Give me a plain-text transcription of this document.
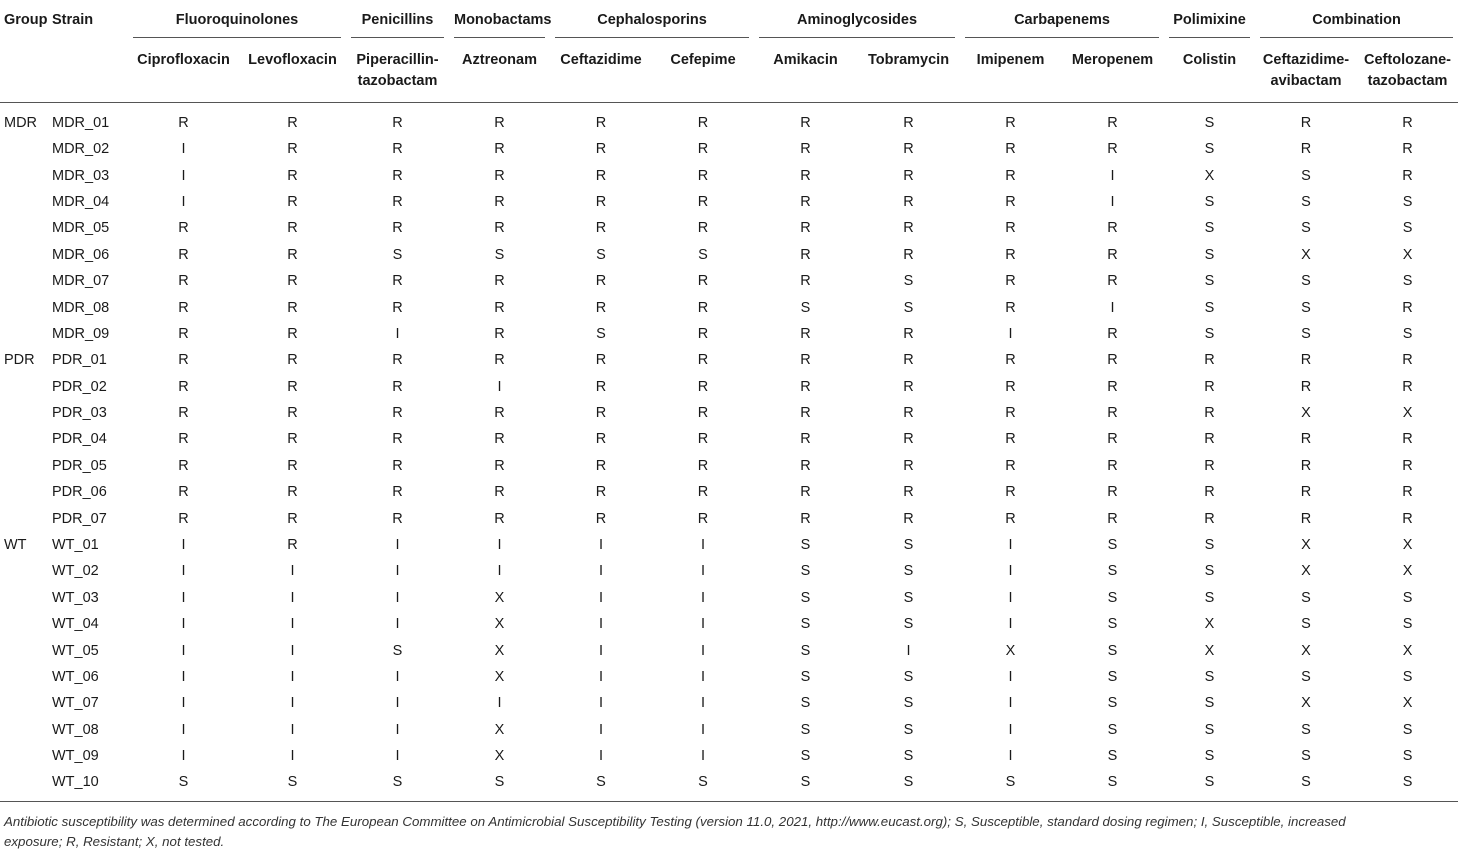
Group	Strain	Fluoroquinolones		Penicillins	Monobactams	Cephalosporins		Aminoglycosides		Carbapenems		Polimixine	Combination	

		Ciprofloxacin	Levofloxacin	Piperacillin-
tazobactam	Aztreonam	Ceftazidime	Cefepime	Amikacin	Tobramycin	Imipenem	Meropenem	Colistin	Ceftazidime-
avibactam	Ceftolozane-
tazobactam
MDR	MDR_01	R	R	R	R	R	R	R	R	R	R	S	R	R
	MDR_02	I	R	R	R	R	R	R	R	R	R	S	R	R
	MDR_03	I	R	R	R	R	R	R	R	R	I	X	S	R
	MDR_04	I	R	R	R	R	R	R	R	R	I	S	S	S
	MDR_05	R	R	R	R	R	R	R	R	R	R	S	S	S
	MDR_06	R	R	S	S	S	S	R	R	R	R	S	X	X
	MDR_07	R	R	R	R	R	R	R	S	R	R	S	S	S
	MDR_08	R	R	R	R	R	R	S	S	R	I	S	S	R
	MDR_09	R	R	I	R	S	R	R	R	I	R	S	S	S
PDR	PDR_01	R	R	R	R	R	R	R	R	R	R	R	R	R
	PDR_02	R	R	R	I	R	R	R	R	R	R	R	R	R
	PDR_03	R	R	R	R	R	R	R	R	R	R	R	X	X
	PDR_04	R	R	R	R	R	R	R	R	R	R	R	R	R
	PDR_05	R	R	R	R	R	R	R	R	R	R	R	R	R
	PDR_06	R	R	R	R	R	R	R	R	R	R	R	R	R
	PDR_07	R	R	R	R	R	R	R	R	R	R	R	R	R
WT	WT_01	I	R	I	I	I	I	S	S	I	S	S	X	X
	WT_02	I	I	I	I	I	I	S	S	I	S	S	X	X
	WT_03	I	I	I	X	I	I	S	S	I	S	S	S	S
	WT_04	I	I	I	X	I	I	S	S	I	S	X	S	S
	WT_05	I	I	S	X	I	I	S	I	X	S	X	X	X
	WT_06	I	I	I	X	I	I	S	S	I	S	S	S	S
	WT_07	I	I	I	I	I	I	S	S	I	S	S	X	X
	WT_08	I	I	I	X	I	I	S	S	I	S	S	S	S
	WT_09	I	I	I	X	I	I	S	S	I	S	S	S	S
	WT_10	S	S	S	S	S	S	S	S	S	S	S	S	S
Antibiotic susceptibility was determined according to The European Committee on Antimicrobial Susceptibility Testing (version 11.0, 2021, http://www.eucast.org); S, Susceptible, standard dosing regimen; I, Susceptible, increased
exposure; R, Resistant; X, not tested.
